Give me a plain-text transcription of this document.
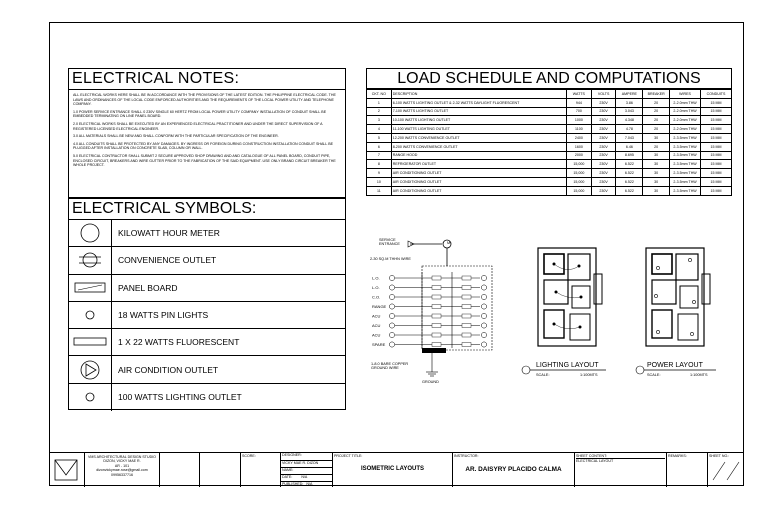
ELECTRICAL NOTES:

ALL ELECTRICAL WORKS HERE SHALL BE IN ACCORDANCE WITH THE PROVISIONS OF THE LATEST EDITION. THE PHILIPPINE ELECTRICAL CODE. THE LAWS AND ORDINANCES OF THE LOCAL CODE ENFORCED AUTHORITIES AND THE REQUIREMENTS OF THE LOCAL POWER UTILITY AND TELEPHONE COMPANY.

1.0 POWER SERVICE ENTRANCE SHALL 0 230V SINGLE 60 HERTZ FROM LOCAL POWER UTILITY COMPANY INSTALLATION OF CONDUIT SHALL BE EMBEDDED TERMINATING ON LINE PANEL BOARD.

2.0 ELECTRICAL WORKS SHALL BE EXECUTED BY AN EXPERIENCED ELECTRICAL PRACTITIONER AND UNDER THE DIRECT SUPERVISION OF A REGISTERED LICENSED ELECTRICAL ENGINEER.

3.0 ALL MATERIALS SHALL BE NEW AND SHALL CONFORM WITH THE PARTICULAR SPECIFICATION OF THE ENGINEER.

4.0 ALL CONDUITS SHALL BE PROTECTED BY ANY DAMAGES. BY INGRESS OR FOREIGN DURING CONSTRUCTION INSTALLATION CONDUIT SHALL BE PLUGGED AFTER INSTALLATION ON CONCRETE SLAB, COLUMN OR WALL.

5.0 ELECTRICAL CONTRACTOR SHALL SUBMIT 2 SECURE APPROVED SHOP DRAWING AND AND CATALOGUE OF ALL PANEL BOARD, CONDUIT PIPE, ENCLOSED CIRCUIT, BREAKERS AND WIRE GUTTER PRIOR TO THE FABRICATION OF THE SAID EQUIPMENT. USE ONLY BRAND CIRCUIT BREAKER THE WHOLE PROJECT.

ELECTRICAL SYMBOLS:
KILOWATT HOUR METER
CONVENIENCE OUTLET
PANEL BOARD
18 WATTS PIN LIGHTS
1 X 22 WATTS FLUORESCENT
AIR CONDITION OUTLET
100 WATTS LIGHTING OUTLET
LOAD SCHEDULE AND COMPUTATIONS
CKT. NO	DESCRIPTION	WATTS	VOLTS	AMPERE	BREAKER	WIRES	CONDUITS
1	6-100 WATTS LIGHTING OUTLET & 2-32 WATTS DAYLIGHT FLUORESCENT	944	230V	3.86	20	2-2.0mm THW	15 MM
2	7-100 WATTS LIGHTING OUTLET	700	230V	3.043	20	2-2.0mm THW	15 MM
3	10-100 WATTS LIGHTING OUTLET	1000	230V	4.348	20	2-2.0mm THW	15 MM
4	11-100 WATTS LIGHTING OUTLET	1100	230V	4.78	20	2-2.0mm THW	15 MM
5	12-200 WATTS CONVENIENCE OUTLET	2400	230V	7.043	30	2-3.5mm THW	15 MM
6	8-200 WATTS CONVENIENCE OUTLET	1600	230V	6.46	20	2-3.5mm THW	15 MM
7	RANGE HOOD	2000	230V	8.695	30	2-3.5mm THW	15 MM
8	REFRIGERATOR OUTLET	15,000	230V	6.522	30	2-3.5mm THW	15 MM
9	AIR CONDITIONING OUTLET	15,000	230V	6.522	30	2-3.5mm THW	15 MM
10	AIR CONDITIONING OUTLET	15,000	230V	6.522	30	2-3.5mm THW	15 MM
11	AIR CONDITIONING OUTLET	15,000	230V	6.522	30	2-3.5mm THW	15 MM
L.O.
L.O.
C.O.
RANGE
ACU
ACU
ACU
SPARE
SERVICE ENTRANCE	M
2-30 SQ.M THHN WIRE
1-8.0 BARE COPPER GROUND WIRE
GROUND
LIGHTING LAYOUT
SCALE:	1:100MTS
POWER LAYOUT
SCALE:	1:100MTS
VMS ARCHITECTURAL DESIGN STUDIO
DIZON, VICKY MAE R.
AR - 101
dizonvickymae.rose@gmail.com
09956337716
SCORE:	DESIGNER:
VICKY MAE R. DIZON
NAME:
DATE:	N/A
PUBLISHED: N/A
PROJECT TITLE:
ISOMETRIC LAYOUTS
INSTRUCTOR:
AR. DAISYRY PLACIDO CALMA
SHEET CONTENT:
ELECTRICAL LAYOUT
REMARKS:	SHEET NO.:
